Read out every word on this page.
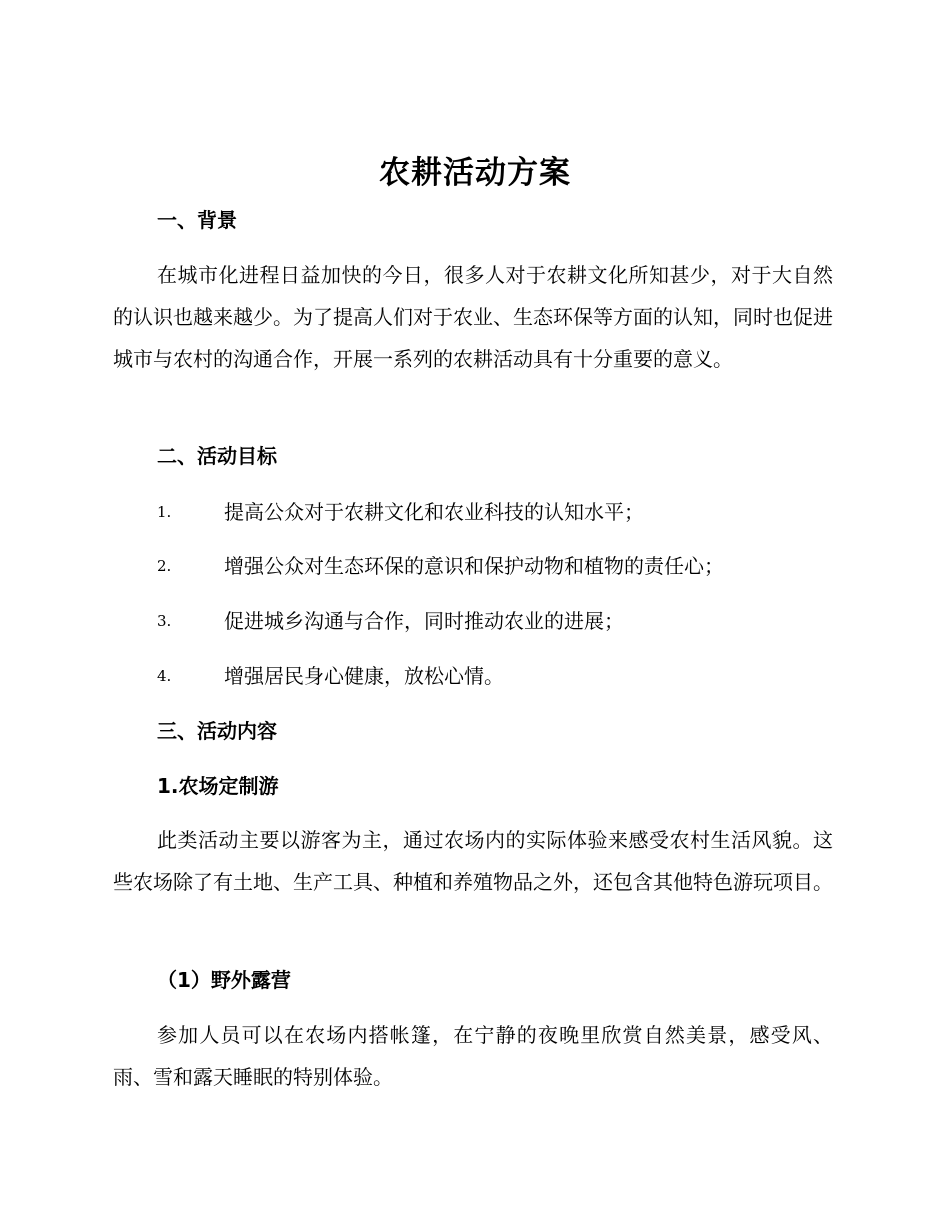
农耕活动方案
一、背景

在城市化进程日益加快的今日，很多人对于农耕文化所知甚少，对于大自然的认识也越来越少。为了提高人们对于农业、生态环保等方面的认知，同时也促进城市与农村的沟通合作，开展一系列的农耕活动具有十分重要的意义。

二、活动目标
1.	提高公众对于农耕文化和农业科技的认知水平；
2.	增强公众对生态环保的意识和保护动物和植物的责任心；
3.	促进城乡沟通与合作，同时推动农业的进展；
4.	增强居民身心健康，放松心情。
三、活动内容
1.农场定制游

此类活动主要以游客为主，通过农场内的实际体验来感受农村生活风貌。这些农场除了有土地、生产工具、种植和养殖物品之外，还包含其他特色游玩项目。

（1）野外露营

参加人员可以在农场内搭帐篷，在宁静的夜晚里欣赏自然美景，感受风、雨、雪和露天睡眠的特别体验。
